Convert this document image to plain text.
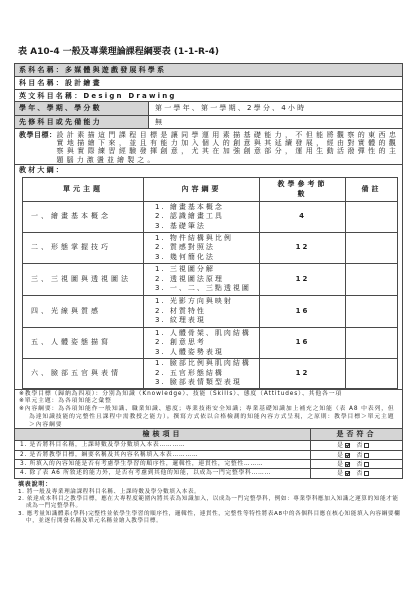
表 A10-4 一般及專業理論課程綱要表 (1-1-R-4)
系科名稱：多媒體與遊戲發展科學系
科目名稱：設計繪畫
英文科目名稱：Design Drawing
學年、學期、學分數	第一學年、第一學期、2學分、4小時
先修科目或先備能力	無
教學目標： 設計素描這門課程目標是讓同學運用素描基礎能力，不但能將觀察的東西忠實地描繪下來，並且有能力加入個人的創意與其延續發展，經由對實體的觀察與實際練習經驗發揮創意，尤其在加強創意部分，運用生動活潑彈性的主題腦力激盪並繪製之。
教材大綱：
單元主題	內容綱要	教學參考節數	備註
一、繪畫基本概念	1. 繪畫基本概念
2. 認識繪畫工具
3. 基礎筆法	4	
二、形態掌握技巧	1. 物件結構與比例
2. 質感對照法
3. 幾何簡化法	12	
三、三視圖與透視圖法	1. 三視圖分解
2. 透視圖法原理
3. 一、二、三點透視圖	12	
四、光線與質感	1. 光影方向與映射
2. 材質特性
3. 紋理表現	16	
五、人體姿態描寫	1. 人體骨架、肌肉結構
2. 創意思考
3. 人體姿勢表現	16	
六、臉部五官與表情	1. 臉部比例與肌肉結構
2. 五官形態結構
3. 臉部表情類型表現	12	
※教學目標（歸納為四項）：分別為知識（Knowledge）、技能（Skills）、態度（Attitudes）、其他各一項
※單元主題：為各項知能之彙整
※內容綱要：為各項知能作一般知識、職業知識、態度；專業技術安全知識；專業基礎知識加上補充之知能（表 A8 中表列，但為達知識技能的完整性且課程中需教授之能力）。撰寫方式依以合格檢測的知能內容方式呈現，之原則：教學目標＞單元主題＞內容綱要
檢核項目	是否符合
1. 是否將科目名稱，上課時數及學分數填入本表…………	是 否
2. 是否將教學目標，綱要名稱及其內容名稱填入本表…………	是 否
3. 所填入的內容知能是否有考慮學生學習的順序性，邏輯性，連貫性，完整性………	是 否
4. 除了表 A6 所敘述的能力外，是否有考慮到其他的知能，以成為一門完整學科………	是 否
填表說明：
1. 將一般及專業理論課程科目名稱、上課時數及學分數填入本表。
2. 依達成本科目之教學目標，應在大專程度範圍內將其表為知識加入，以成為一門完整學科，例如：專業學科應加入知識之運算的知能才能成為一門完整學科。
3. 應考量知識體系(學科)完整性並依學生學習的順序性，邏輯性，連貫性，完整性等特性將表A8中的各個科目應在核心知能填入內容綱要欄中，並逐行開發名稱及單元名稱並繪入教學目標。
